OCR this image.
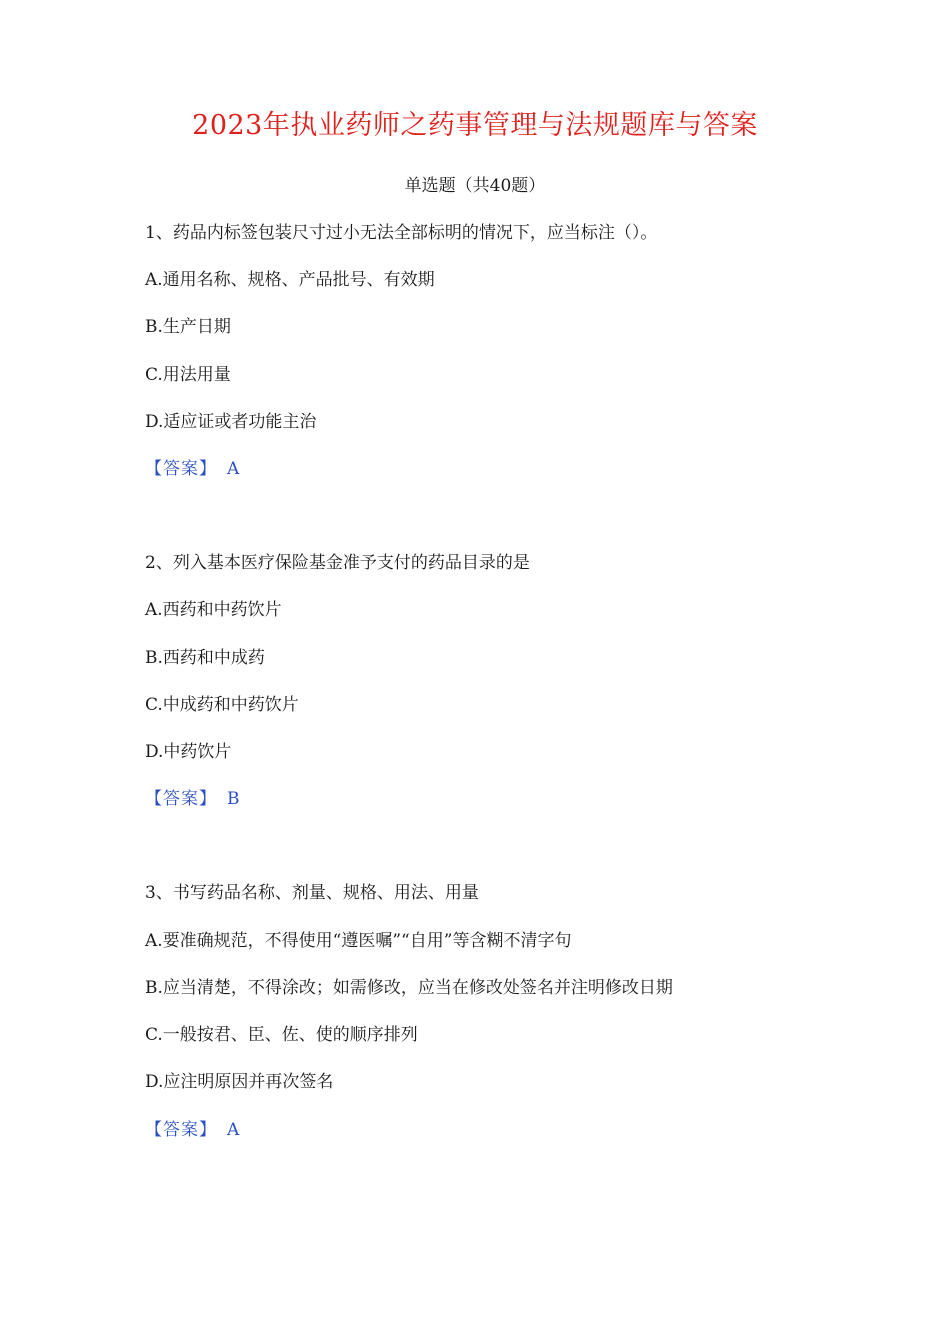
2023年执业药师之药事管理与法规题库与答案
单选题（共40题）
1、药品内标签包装尺寸过小无法全部标明的情况下，应当标注（）。
A.通用名称、规格、产品批号、有效期
B.生产日期
C.用法用量
D.适应证或者功能主治
【答案】 A
2、列入基本医疗保险基金准予支付的药品目录的是
A.西药和中药饮片
B.西药和中成药
C.中成药和中药饮片
D.中药饮片
【答案】 B
3、书写药品名称、剂量、规格、用法、用量
A.要准确规范，不得使用“遵医嘱”“自用”等含糊不清字句
B.应当清楚，不得涂改；如需修改，应当在修改处签名并注明修改日期
C.一般按君、臣、佐、使的顺序排列
D.应注明原因并再次签名
【答案】 A
